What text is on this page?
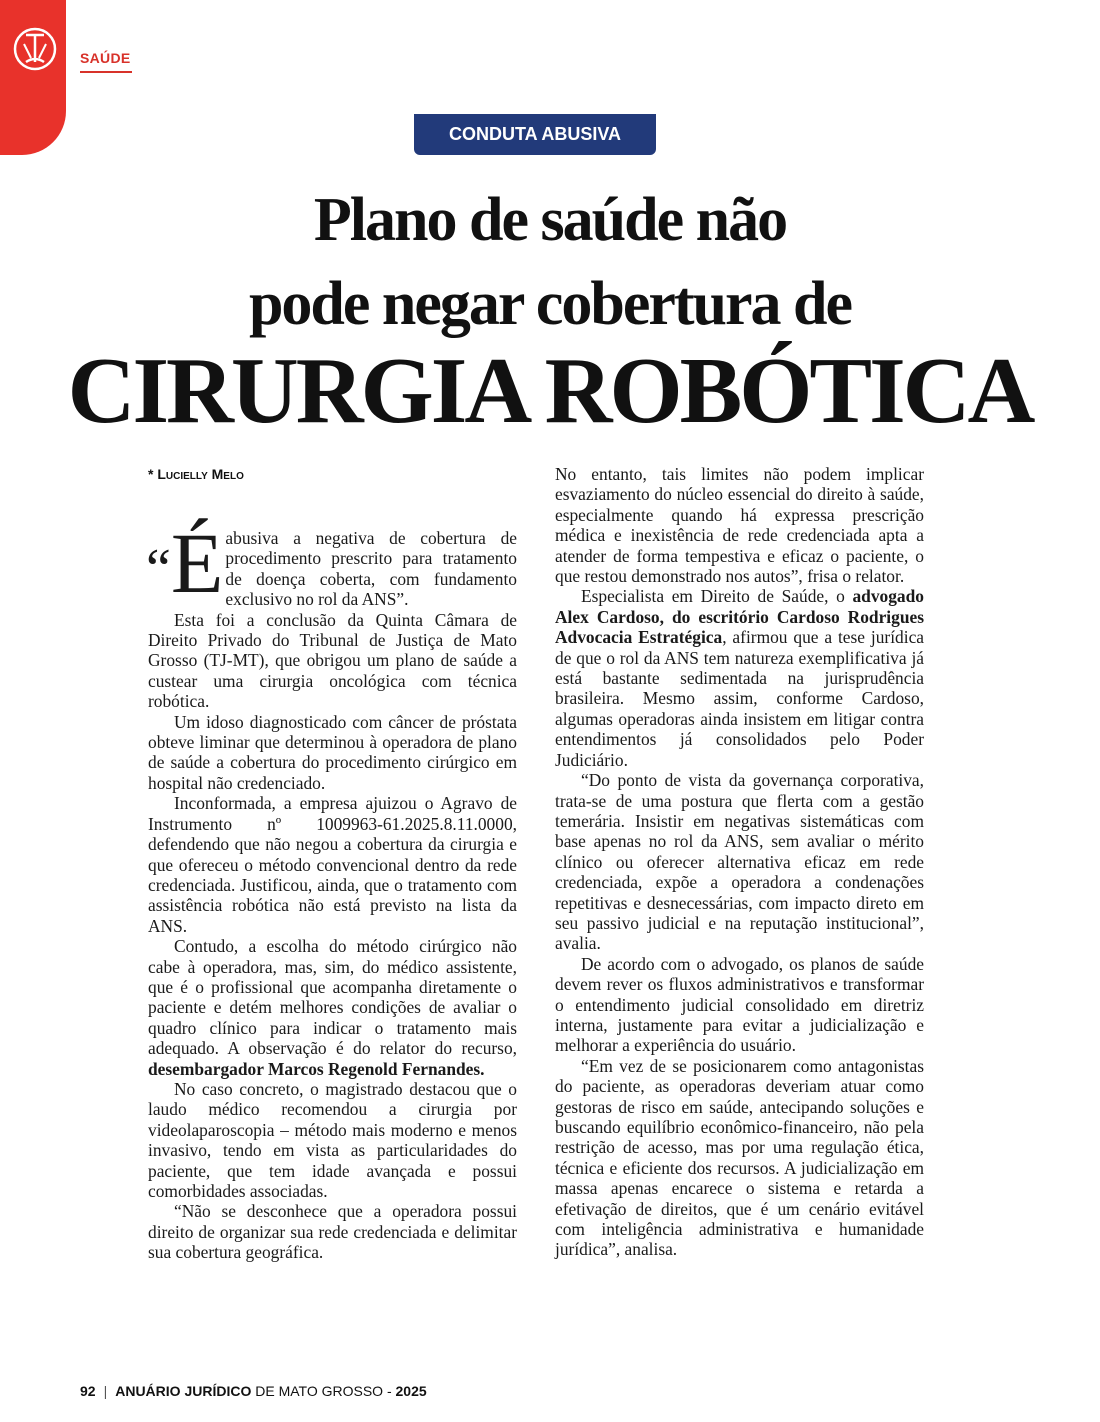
SAÚDE
CONDUTA ABUSIVA
Plano de saúde não
pode negar cobertura de
CIRURGIA ROBÓTICA
* Lucielly Melo

“É abusiva a negativa de cobertura de procedimento prescrito para tratamento de doença coberta, com fundamento exclusivo no rol da ANS”.

Esta foi a conclusão da Quinta Câmara de Direito Privado do Tribunal de Justiça de Mato Grosso (TJ-MT), que obrigou um plano de saúde a custear uma cirurgia oncológica com técnica robótica.

Um idoso diagnosticado com câncer de próstata obteve liminar que determinou à operadora de plano de saúde a cobertura do procedimento cirúrgico em hospital não credenciado.

Inconformada, a empresa ajuizou o Agravo de Instrumento nº 1009963-61.2025.8.11.0000, defendendo que não negou a cobertura da cirurgia e que ofereceu o método convencional dentro da rede credenciada. Justificou, ainda, que o tratamento com assistência robótica não está previsto na lista da ANS.

Contudo, a escolha do método cirúrgico não cabe à operadora, mas, sim, do médico assistente, que é o profissional que acompanha diretamente o paciente e detém melhores condições de avaliar o quadro clínico para indicar o tratamento mais adequado. A observação é do relator do recurso, desembargador Marcos Regenold Fernandes.

No caso concreto, o magistrado destacou que o laudo médico recomendou a cirurgia por videolaparoscopia – método mais moderno e menos invasivo, tendo em vista as particularidades do paciente, que tem idade avançada e possui comorbidades associadas.

“Não se desconhece que a operadora possui direito de organizar sua rede credenciada e delimitar sua cobertura geográfica.

No entanto, tais limites não podem implicar esvaziamento do núcleo essencial do direito à saúde, especialmente quando há expressa prescrição médica e inexistência de rede credenciada apta a atender de forma tempestiva e eficaz o paciente, o que restou demonstrado nos autos”, frisa o relator.

Especialista em Direito de Saúde, o advogado Alex Cardoso, do escritório Cardoso Rodrigues Advocacia Estratégica, afirmou que a tese jurídica de que o rol da ANS tem natureza exemplificativa já está bastante sedimentada na jurisprudência brasileira. Mesmo assim, conforme Cardoso, algumas operadoras ainda insistem em litigar contra entendimentos já consolidados pelo Poder Judiciário.

“Do ponto de vista da governança corporativa, trata-se de uma postura que flerta com a gestão temerária. Insistir em negativas sistemáticas com base apenas no rol da ANS, sem avaliar o mérito clínico ou oferecer alternativa eficaz em rede credenciada, expõe a operadora a condenações repetitivas e desnecessárias, com impacto direto em seu passivo judicial e na reputação institucional”, avalia.

De acordo com o advogado, os planos de saúde devem rever os fluxos administrativos e transformar o entendimento judicial consolidado em diretriz interna, justamente para evitar a judicialização e melhorar a experiência do usuário.

“Em vez de se posicionarem como antagonistas do paciente, as operadoras deveriam atuar como gestoras de risco em saúde, antecipando soluções e buscando equilíbrio econômico-financeiro, não pela restrição de acesso, mas por uma regulação ética, técnica e eficiente dos recursos. A judicialização em massa apenas encarece o sistema e retarda a efetivação de direitos, que é um cenário evitável com inteligência administrativa e humanidade jurídica”, analisa.

92 | ANUÁRIO JURÍDICO DE MATO GROSSO - 2025
